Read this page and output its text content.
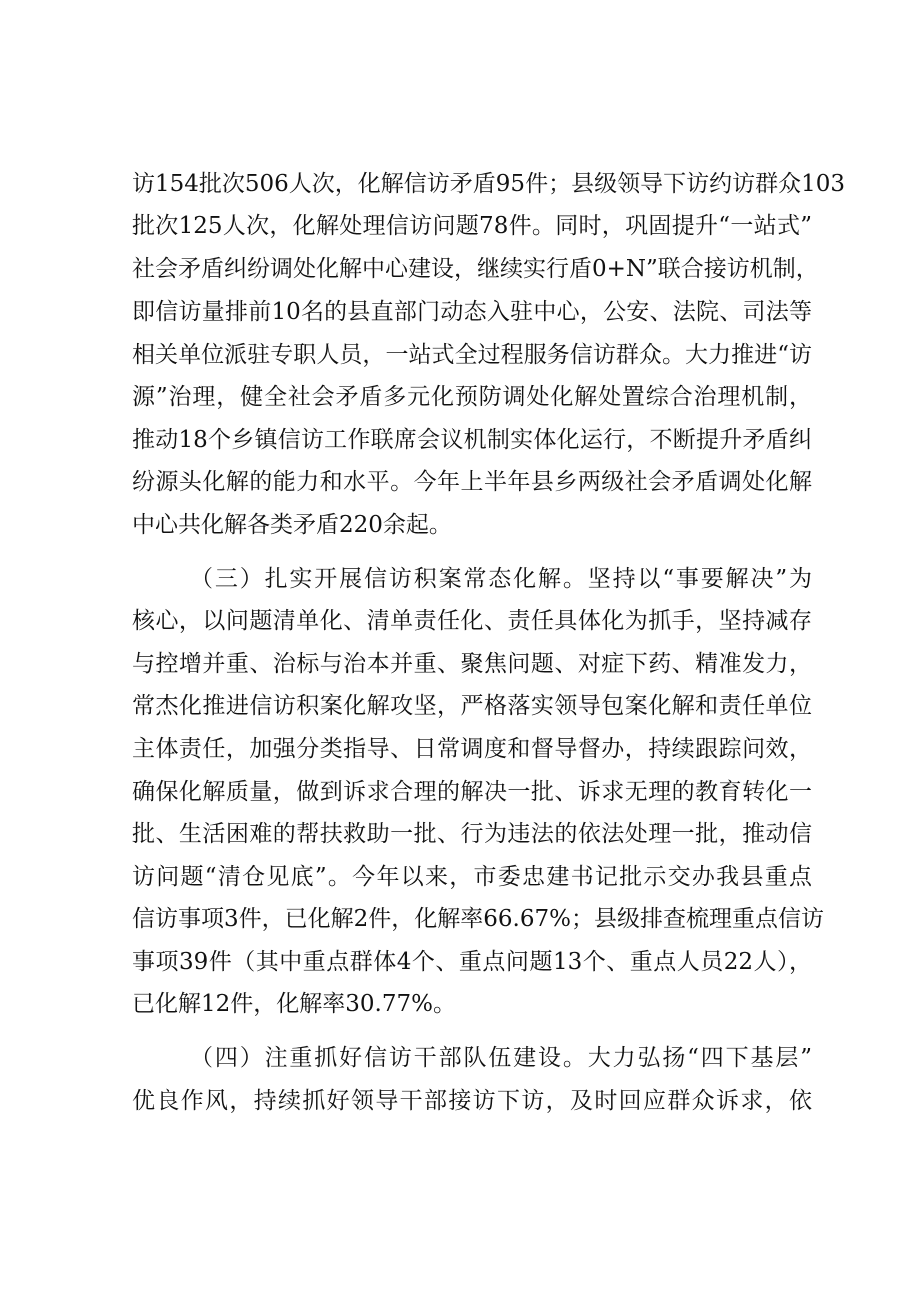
访154批次506人次，化解信访矛盾95件；县级领导下访约访群众103
批次125人次，化解处理信访问题78件。同时，巩固提升“一站式”
社会矛盾纠纷调处化解中心建设，继续实行盾0+N”联合接访机制，
即信访量排前10名的县直部门动态入驻中心，公安、法院、司法等
相关单位派驻专职人员，一站式全过程服务信访群众。大力推进“访
源”治理，健全社会矛盾多元化预防调处化解处置综合治理机制，
推动18个乡镇信访工作联席会议机制实体化运行，不断提升矛盾纠
纷源头化解的能力和水平。今年上半年县乡两级社会矛盾调处化解
中心共化解各类矛盾220余起。
（三）扎实开展信访积案常态化解。坚持以“事要解决”为
核心，以问题清单化、清单责任化、责任具体化为抓手，坚持减存
与控增并重、治标与治本并重、聚焦问题、对症下药、精准发力，
常杰化推进信访积案化解攻坚，严格落实领导包案化解和责任单位
主体责任，加强分类指导、日常调度和督导督办，持续跟踪问效，
确保化解质量，做到诉求合理的解决一批、诉求无理的教育转化一
批、生活困难的帮扶救助一批、行为违法的依法处理一批，推动信
访问题“清仓见底”。今年以来，市委忠建书记批示交办我县重点
信访事项3件，已化解2件，化解率66.67%；县级排查梳理重点信访
事项39件（其中重点群体4个、重点问题13个、重点人员22人），
已化解12件，化解率30.77%。
（四）注重抓好信访干部队伍建设。大力弘扬“四下基层”
优良作风，持续抓好领导干部接访下访，及时回应群众诉求，依
